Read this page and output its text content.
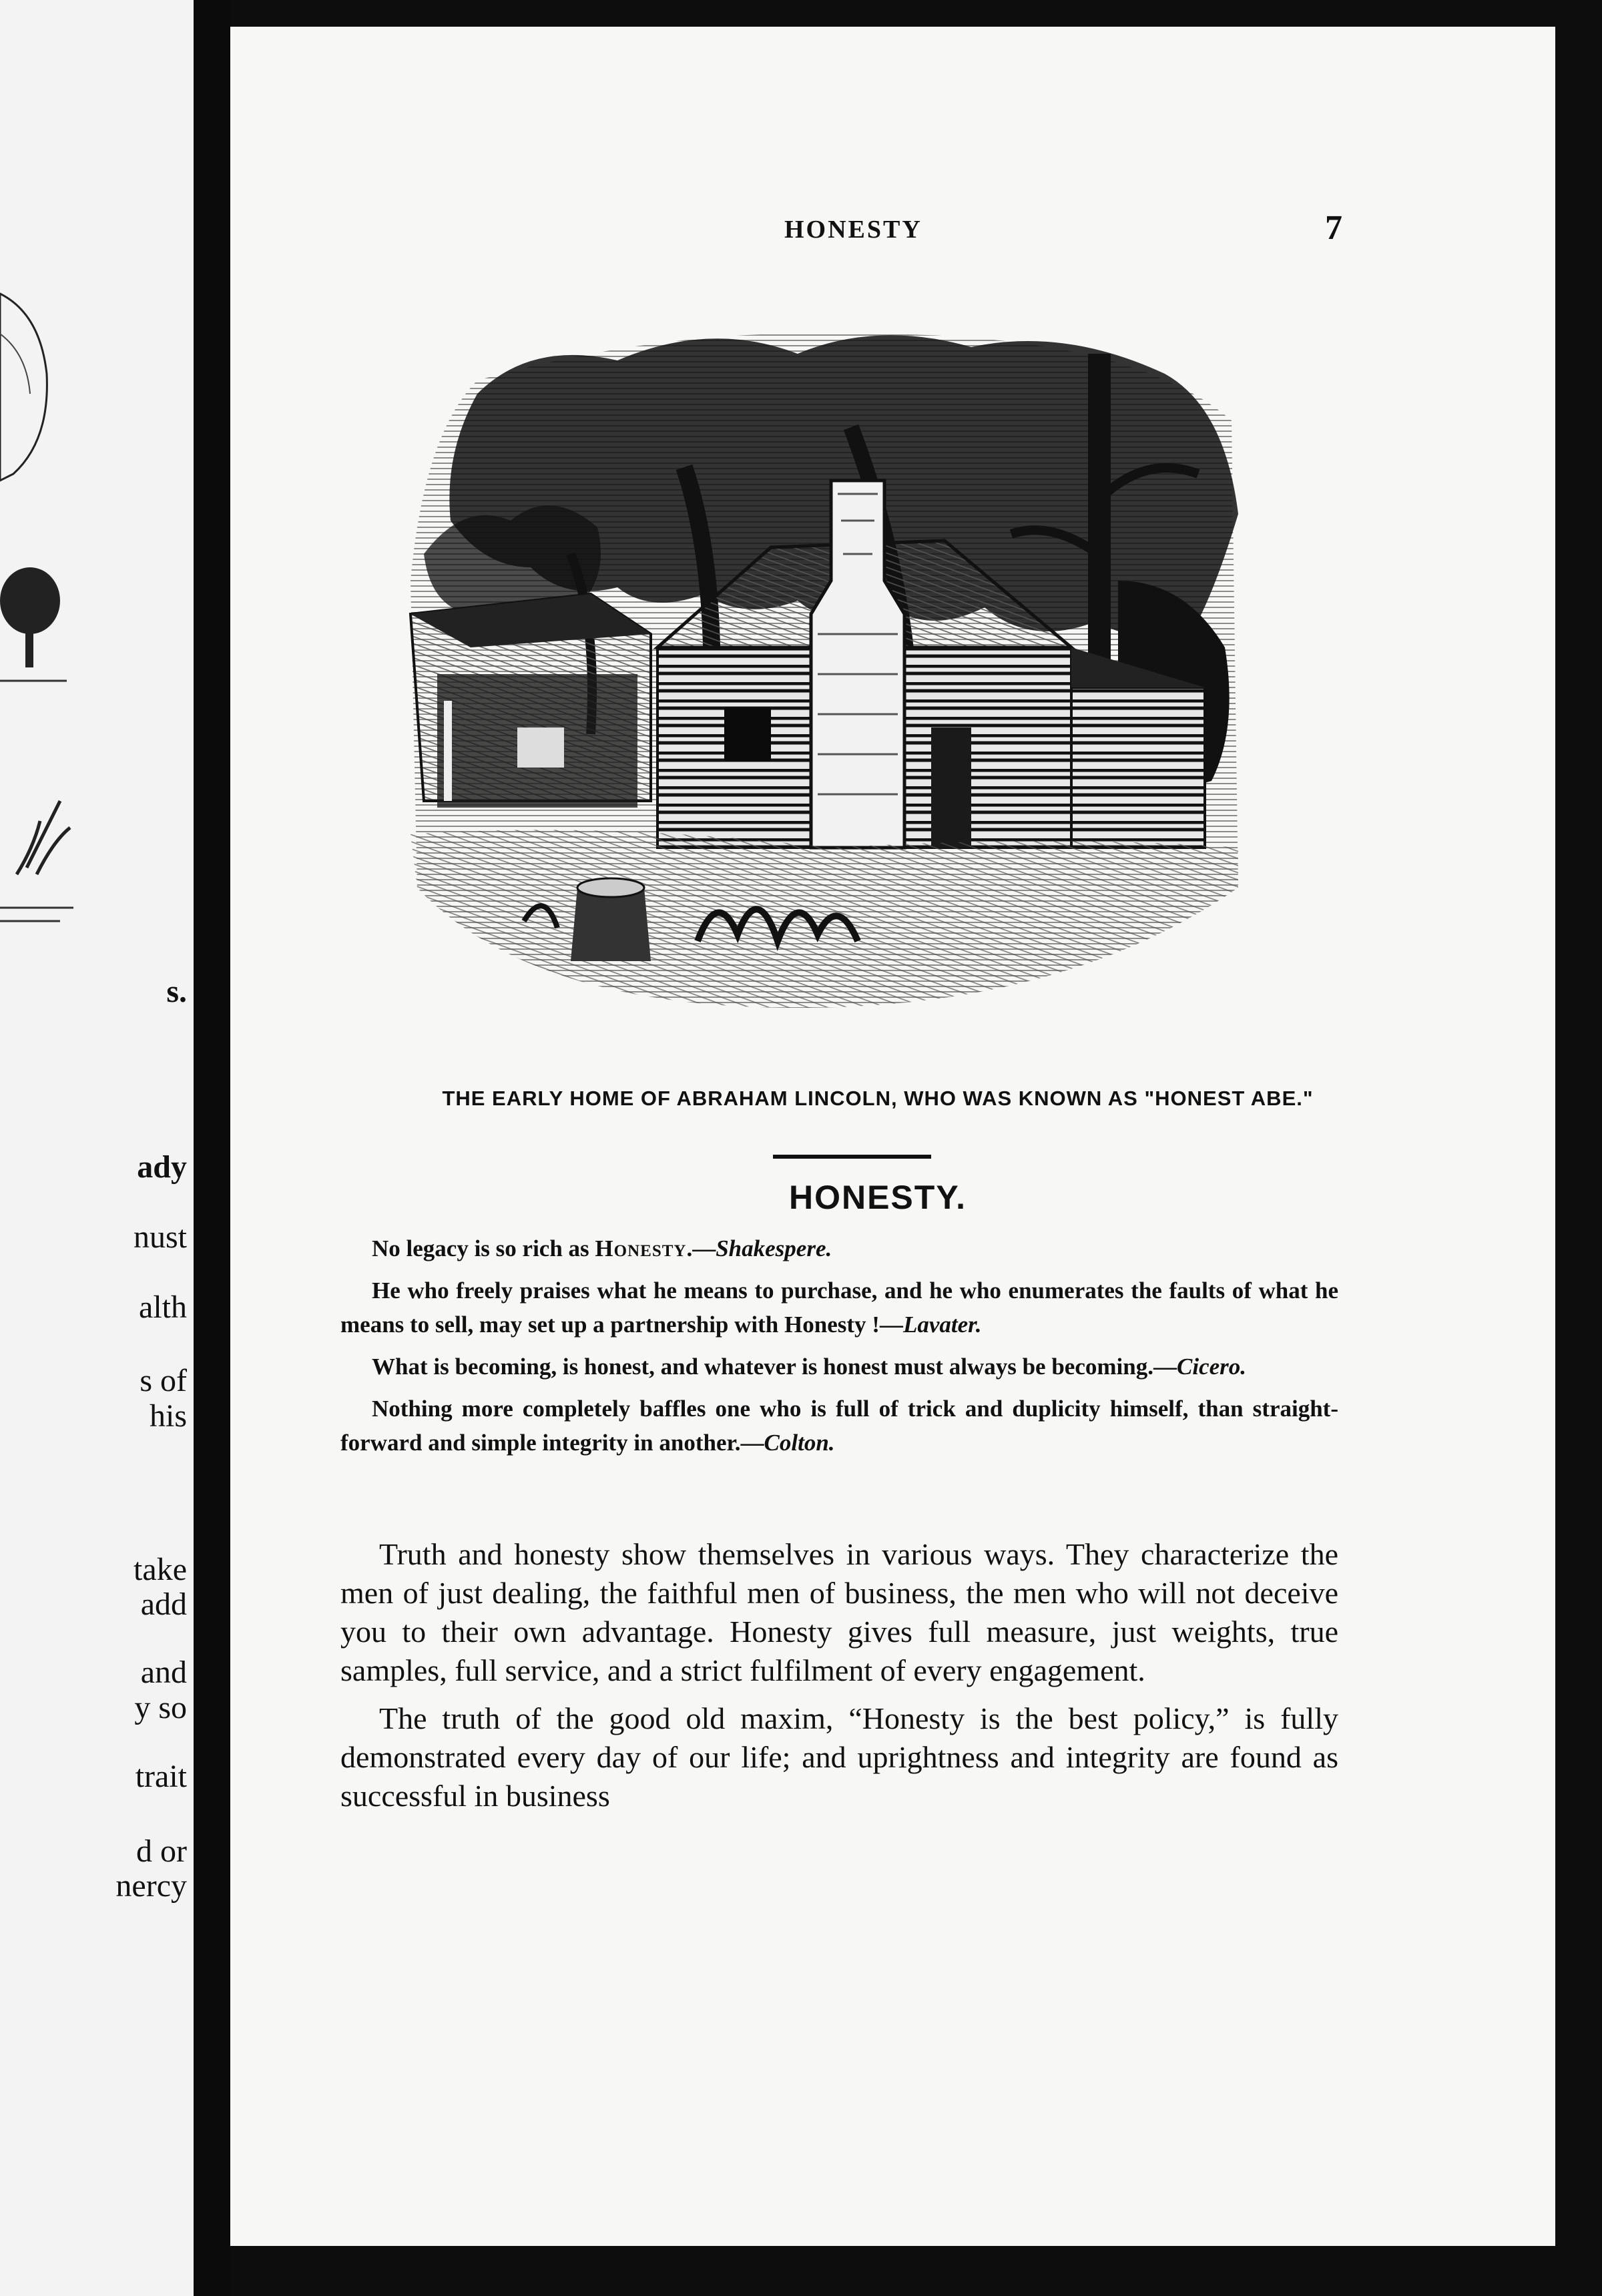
s.
ady
nust
alth
s of
his
take
add
and
y so
trait
d or
nercy
HONESTY	7
THE EARLY HOME OF ABRAHAM LINCOLN, WHO WAS KNOWN AS "HONEST ABE."
HONESTY.

No legacy is so rich as Honesty.—Shakespere.

He who freely praises what he means to purchase, and he who enumerates the faults of what he means to sell, may set up a partnership with Honesty !—Lavater.

What is becoming, is honest, and whatever is honest must always be becoming.—Cicero.

Nothing more completely baffles one who is full of trick and duplicity himself, than straight-forward and simple integrity in another.—Colton.

Truth and honesty show themselves in various ways. They characterize the men of just dealing, the faithful men of business, the men who will not deceive you to their own advantage. Honesty gives full measure, just weights, true samples, full service, and a strict fulfilment of every engagement.

The truth of the good old maxim, “Honesty is the best policy,” is fully demonstrated every day of our life; and uprightness and integrity are found as successful in business
